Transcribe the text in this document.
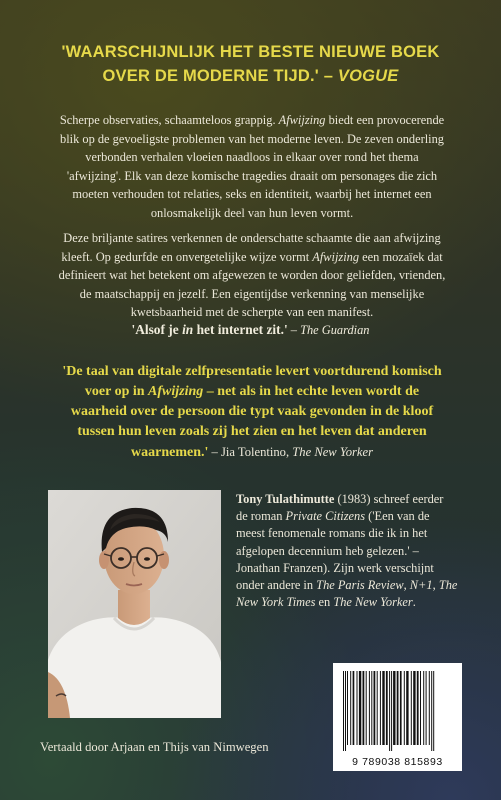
'WAARSCHIJNLIJK HET BESTE NIEUWE BOEK
OVER DE MODERNE TIJD.' – VOGUE
Scherpe observaties, schaamteloos grappig. Afwijzing biedt een provocerende blik op de gevoeligste problemen van het moderne leven. De zeven onderling verbonden verhalen vloeien naadloos in elkaar over rond het thema 'afwijzing'. Elk van deze komische tragedies draait om personages die zich moeten verhouden tot relaties, seks en identiteit, waarbij het internet een onlosmakelijk deel van hun leven vormt.
Deze briljante satires verkennen de onderschatte schaamte die aan afwijzing kleeft. Op gedurfde en onvergetelijke wijze vormt Afwijzing een mozaïek dat definieert wat het betekent om afgewezen te worden door geliefden, vrienden, de maatschappij en jezelf. Een eigentijdse verkenning van menselijke kwetsbaarheid met de scherpte van een manifest.
'Alsof je in het internet zit.' – The Guardian
'De taal van digitale zelfpresentatie levert voortdurend komisch voer op in Afwijzing – net als in het echte leven wordt de waarheid over de persoon die typt vaak gevonden in de kloof tussen hun leven zoals zij het zien en het leven dat anderen waarnemen.' – Jia Tolentino, The New Yorker
Tony Tulathimutte (1983) schreef eerder de roman Private Citizens ('Een van de meest fenomenale romans die ik in het afgelopen decennium heb gelezen.' – Jonathan Franzen). Zijn werk verschijnt onder andere in The Paris Review, N+1, The New York Times en The New Yorker.
Vertaald door Arjaan en Thijs van Nimwegen
9 789038 815893
